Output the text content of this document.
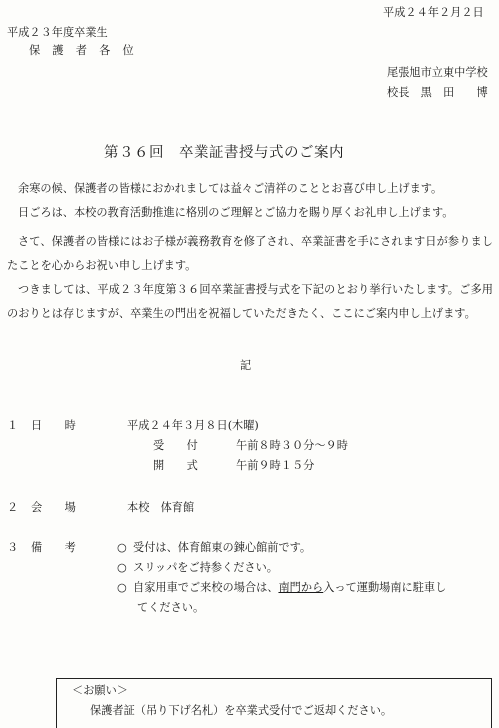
平成２４年２月２日
平成２３年度卒業生
保　護　者　各　位
尾張旭市立東中学校
校長　黒　田　　博
第３６回　卒業証書授与式のご案内
余寒の候、保護者の皆様におかれましては益々ご清祥のこととお喜び申し上げます。
日ごろは、本校の教育活動推進に格別のご理解とご協力を賜り厚くお礼申し上げます。
さて、保護者の皆様にはお子様が義務教育を修了され、卒業証書を手にされます日が参りましたことを心からお祝い申し上げます。
つきましては、平成２３年度第３６回卒業証書授与式を下記のとおり挙行いたします。ご多用のおりとは存じますが、卒業生の門出を祝福していただきたく、ここにご案内申し上げます。
記
１ 日　　時	平成２４年３月８日(木曜)
受　　付	午前８時３０分～９時
開　　式	午前９時１５分
２ 会　　場	本校　体育館
３ 備　　考	○ 受付は、体育館東の錬心館前です。
○ スリッパをご持参ください。
○ 自家用車でご来校の場合は、南門から入って運動場南に駐車し
てください。
＜お願い＞
保護者証（吊り下げ名札）を卒業式受付でご返却ください。
